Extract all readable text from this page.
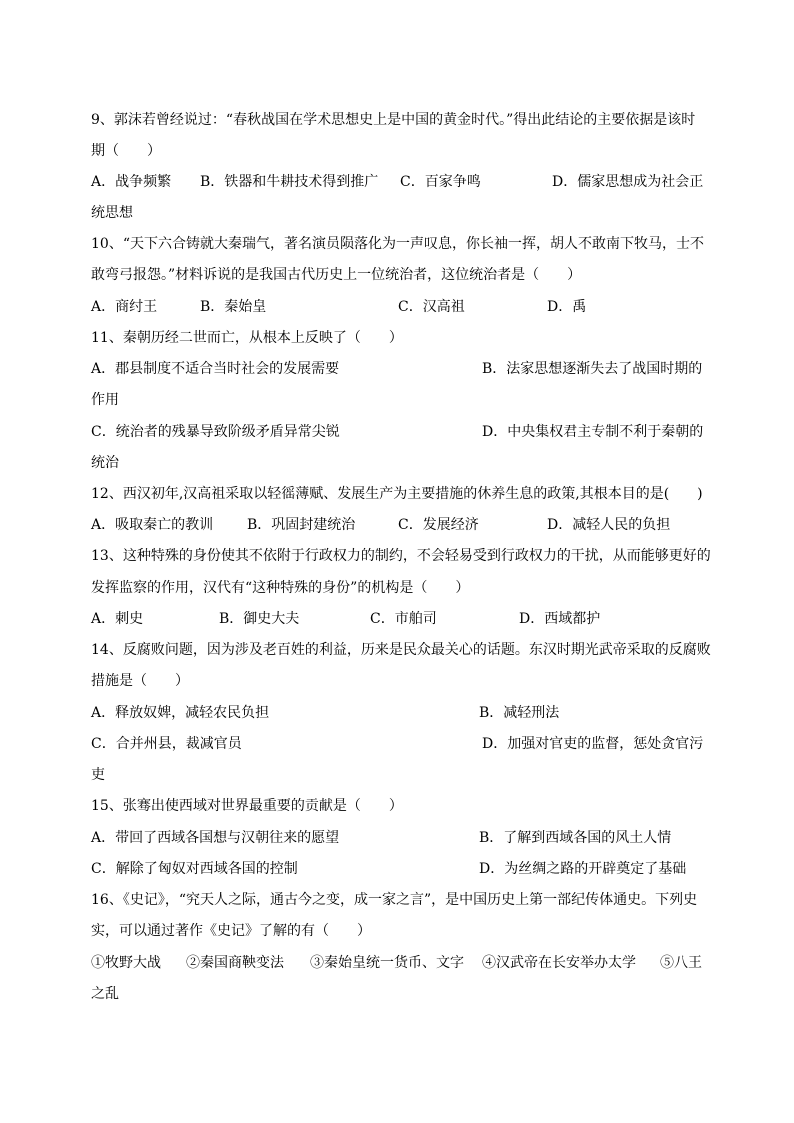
9、郭沫若曾经说过：“春秋战国在学术思想史上是中国的黄金时代。”得出此结论的主要依据是该时
期（　　）
A．战争频繁 B．铁器和牛耕技术得到推广 C．百家争鸣	D．儒家思想成为社会正
统思想
10、“天下六合铸就大秦瑞气，著名演员陨落化为一声叹息，你长袖一挥，胡人不敢南下牧马，士不
敢弯弓报怨。”材料诉说的是我国古代历史上一位统治者，这位统治者是（　　）
A．商纣王	B．秦始皇	C．汉高祖	D．禹
11、秦朝历经二世而亡，从根本上反映了（　　）
A．郡县制度不适合当时社会的发展需要	B．法家思想逐渐失去了战国时期的
作用
C．统治者的残暴导致阶级矛盾异常尖锐	D．中央集权君主专制不利于秦朝的
统治
12、西汉初年,汉高祖采取以轻徭薄赋、发展生产为主要措施的休养生息的政策,其根本目的是(　　)
A．吸取秦亡的教训 B．巩固封建统治	C．发展经济	D．减轻人民的负担
13、这种特殊的身份使其不依附于行政权力的制约，不会轻易受到行政权力的干扰，从而能够更好的
发挥监察的作用，汉代有“这种特殊的身份”的机构是（　　）
A．刺史	B．御史大夫	C．市舶司	D．西域都护
14、反腐败问题，因为涉及老百姓的利益，历来是民众最关心的话题。东汉时期光武帝采取的反腐败
措施是（　　）
A．释放奴婢，减轻农民负担	B．减轻刑法
C．合并州县，裁减官员	D．加强对官吏的监督，惩处贪官污
吏
15、张骞出使西域对世界最重要的贡献是（　　）
A．带回了西域各国想与汉朝往来的愿望	B．了解到西域各国的风土人情
C．解除了匈奴对西域各国的控制	D．为丝绸之路的开辟奠定了基础
16、《史记》，“究天人之际，通古今之变，成一家之言”，是中国历史上第一部纪传体通史。下列史
实，可以通过著作《史记》了解的有（　　）
①牧野大战 ②秦国商鞅变法 ③秦始皇统一货币、文字 ④汉武帝在长安举办太学 ⑤八王
之乱
